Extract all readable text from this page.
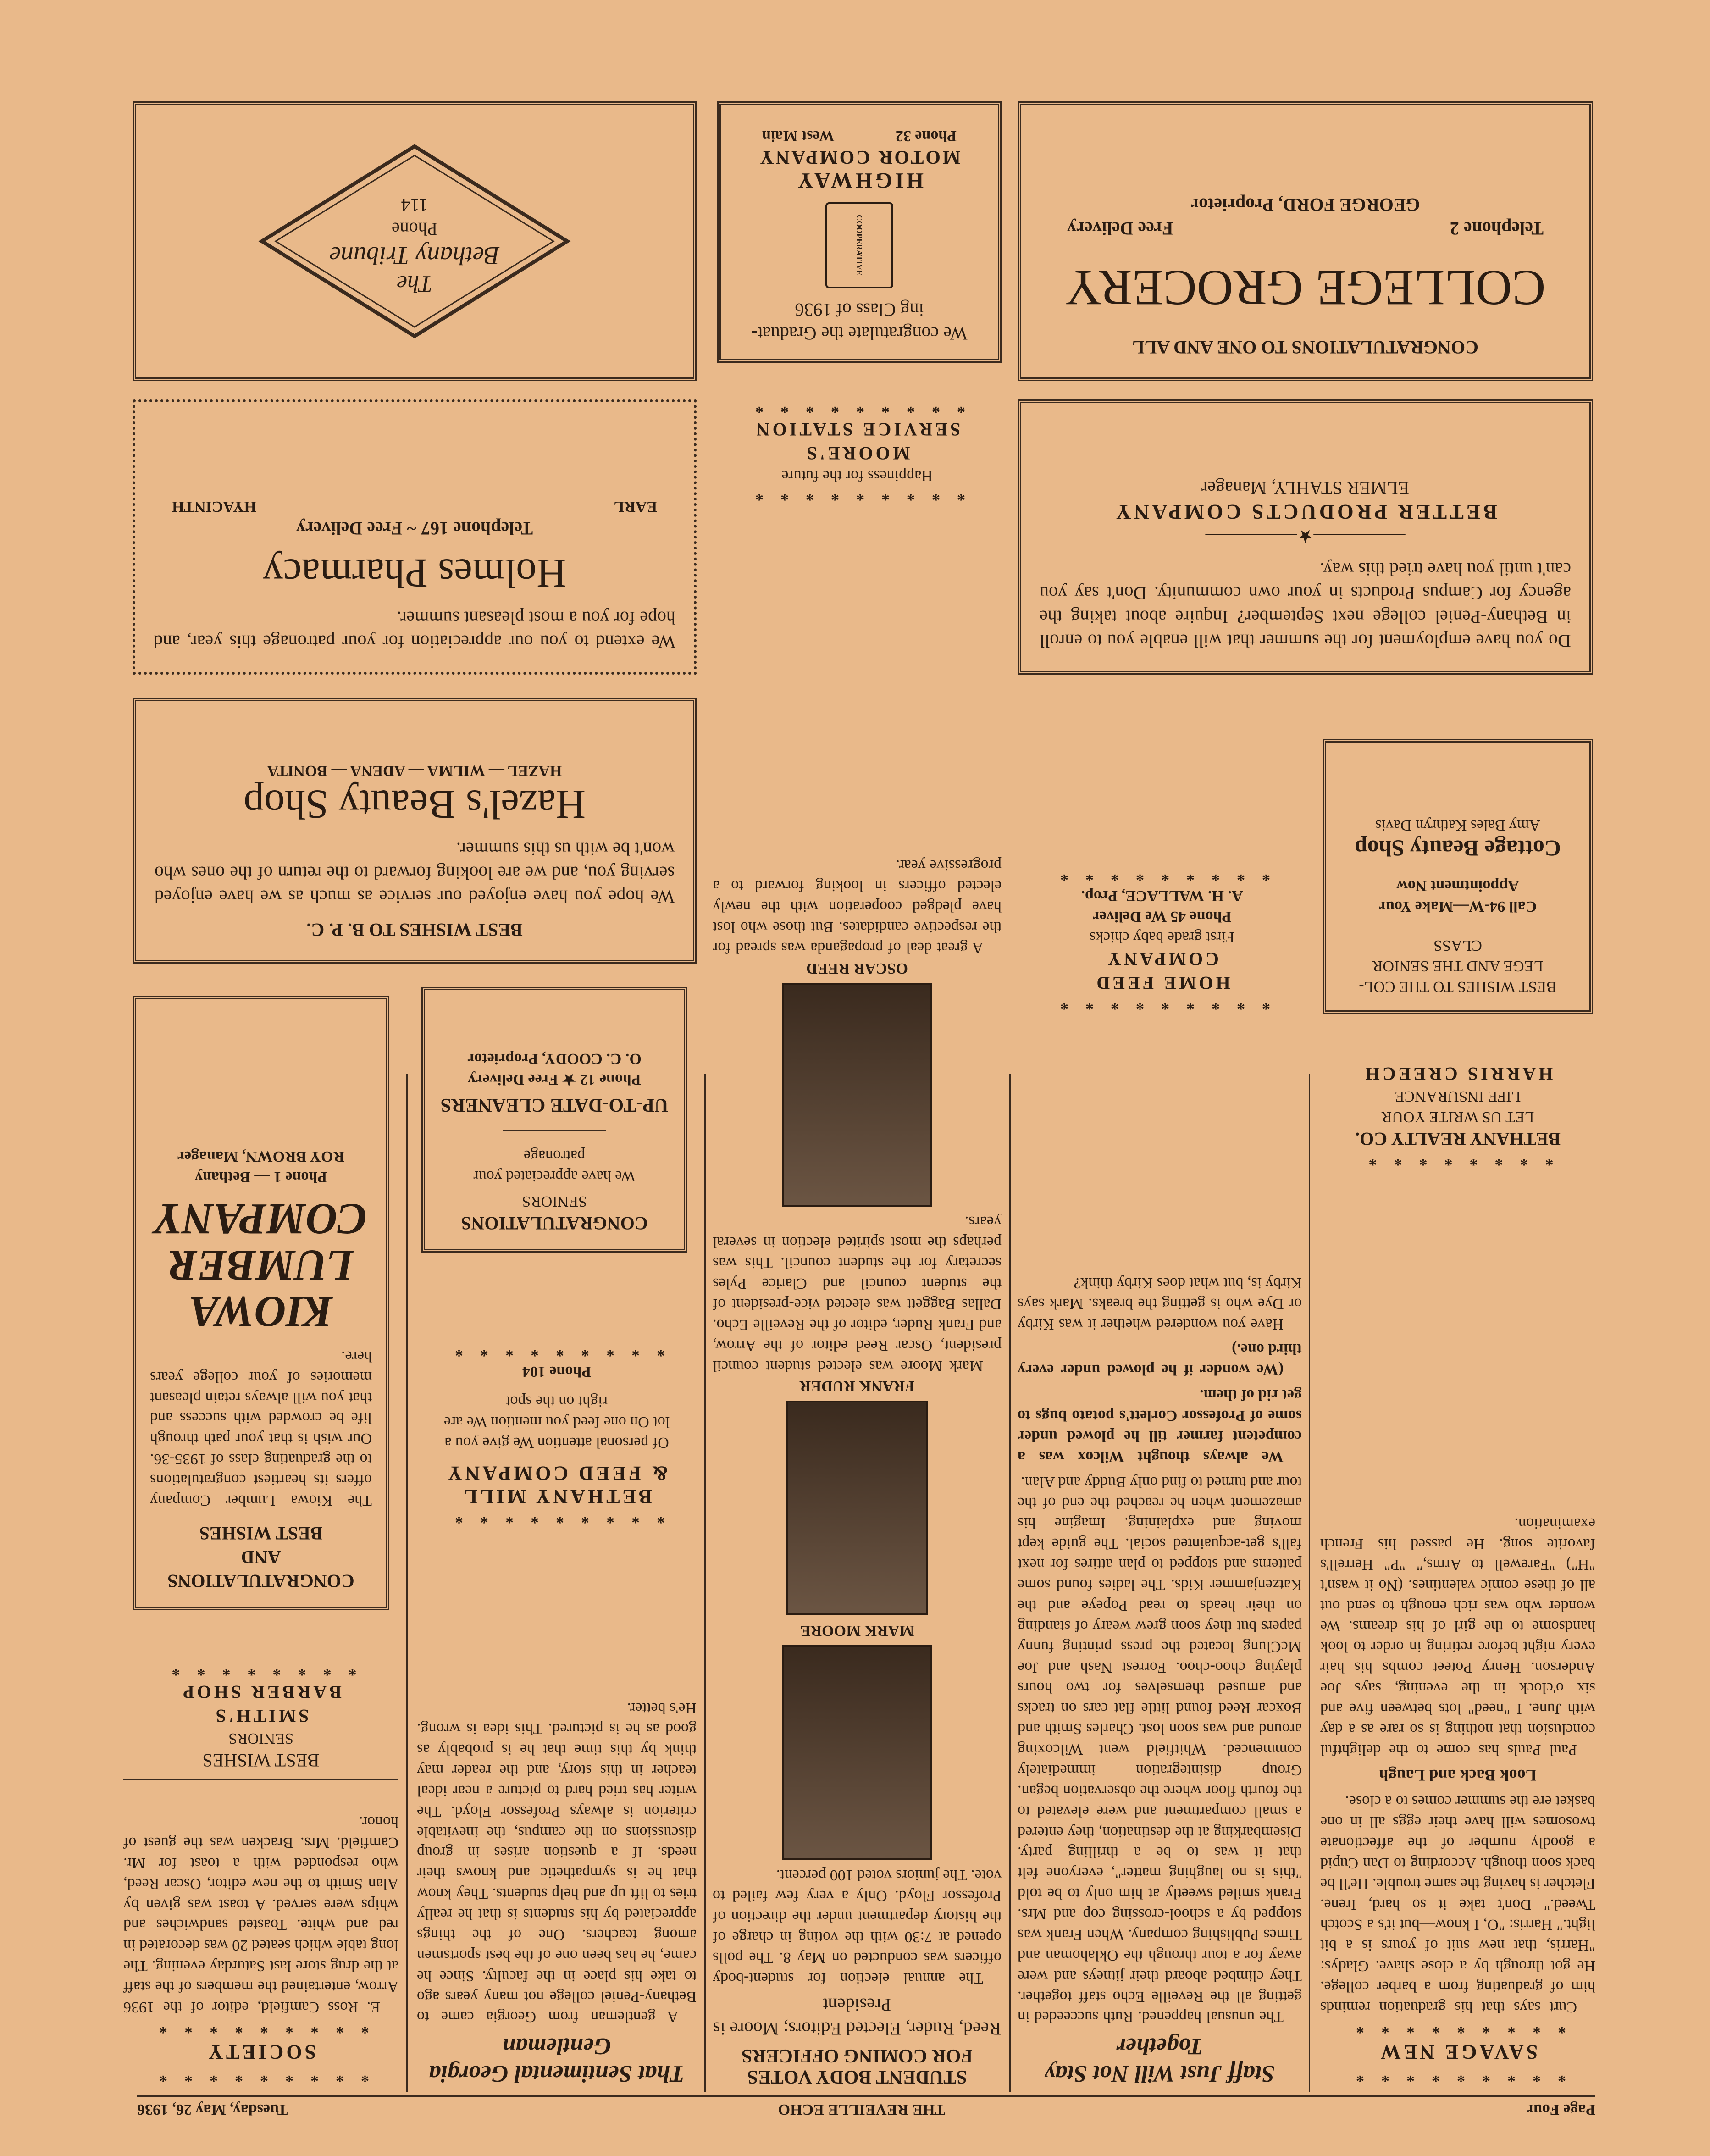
Page Four
THE REVEILLE ECHO
Tuesday, May 26, 1936
* * * * * * * * *
SAVAGE NEW
* * * * * * * * *

Curt says that his graduation reminds him of graduating from a barber college. He got through by a close shave. Gladys: "Harris, that new suit of yours is a bit light." Harris: "O, I know—but it's a Scotch Tweed." Don't take it so hard, Irene. Fletcher is having the same trouble. He'll be back soon though. According to Dan Cupid a goodly number of the affectionate twosomes will have their eggs all in one basket ere the summer comes to a close.

Look Back and Laugh

Paul Pauls has come to the delightful conclusion that nothing is so rare as a day with June. I "need" lots between five and six o'clock in the evening, says Joe Anderson. Henry Poteet combs his hair every night before retiring in order to look handsome to the girl of his dreams. We wonder who was rich enough to send out all of these comic valentines. (No it wasn't "H") "Farewell to Arms," "P" Herrell's favorite song. He passed his French examination.

* * * * * * * *
BETHANY REALTY CO.
LET US WRITE YOUR
LIFE INSURANCE
HARRIS CREECH
Staff Just Will Not Stay Together

The unusual happened. Ruth succeeded in getting all the Reveille Echo staff together. They climbed aboard their jitneys and were away for a tour through the Oklahoman and Times Publishing company. When Frank was stopped by a school-crossing cop and Mrs. Frank smiled sweetly at him only to be told "this is no laughing matter", everyone felt that it was to be a thrilling party. Disembarking at the destination, they entered a small compartment and were elevated to the fourth floor where the observation began. Group disintegration immediately commenced. Whitfield went Wilcoxing around and was soon lost. Charles Smith and Boxcar Reed found little flat cars on tracks and amused themselves for two hours playing choo-choo. Forrest Nash and Joe McClung located the press printing funny papers but they soon grew weary of standing on their heads to read Popeye and the Katzenjammer Kids. The ladies found some patterns and stopped to plan attires for next fall's get-acquainted social. The guide kept moving and explaining. Imagine his amazement when he reached the end of the tour and turned to find only Buddy and Alan.

We always thought Wilcox was a competent farmer till he plowed under some of Professor Corlett's potato bugs to get rid of them.

(We wonder if he plowed under every third one.)

Have you wondered whether it was Kirby or Dye who is getting the breaks. Mark says Kirby is, but what does Kirby think?

STUDENT BODY VOTES
FOR COMING OFFICERS
Reed, Ruder, Elected Editors; Moore is President

The annual election for student-body officers was conducted on May 8. The polls opened at 7:30 with the voting in charge of the history department under the direction of Professor Floyd. Only a very few failed to vote. The juniors voted 100 percent.

MARK MOORE
FRANK RUDER

Mark Moore was elected student council president, Oscar Reed editor of the Arrow, and Frank Ruder, editor of the Reveille Echo. Dallas Baggett was elected vice-president of the student council and Clarice Pyles secretary for the student council. This was perhaps the most spirited election in several years.

OSCAR REED

A great deal of propaganda was spread for the respective candidates. But those who lost have pledged cooperation with the newly elected officers in looking forward to a progressive year.

That Sentimental Georgia Gentleman

A gentleman from Georgia came to Bethany-Peniel college not many years ago to take his place in the faculty. Since he came, he has been one of the best sportsmen among teachers. One of the things appreciated by his students is that he really tries to lift up and help students. They know that he is sympathetic and knows their needs. If a question arises in group discussions on the campus, the inevitable criterion is always Professor Floyd. The writer has tried hard to picture a near ideal teacher in this story, and the reader may think by this time that he is probably as good as he is pictured. This idea is wrong. He's better.

* * * * * * * * *
BETHANY MILL
& FEED COMPANY
Of personal attention We give you a lot On one feed you mention We are right on the spot
Phone 104
* * * * * * * * *
CONGRATULATIONS
SENIORS
We have appreciated your
patronage
UP-TO-DATE CLEANERS
Phone 12 ★ Free Delivery
O. C. COODY, Proprietor
* * * * * * * * *
SOCIETY
* * * * * * * * *

E. Ross Camfield, editor of the 1936 Arrow, entertained the members of the staff at the drug store last Saturday evening. The long table which seated 20 was decorated in red and white. Toasted sandwiches and whips were served. A toast was given by Alan Smith to the new editor, Oscar Reed, who responded with a toast for Mr. Camfield. Mrs. Bracken was the guest of honor.

BEST WISHES
SENIORS
SMITH'S
BARBER SHOP
* * * * * * * *
CONGRATULATIONS
AND
BEST WISHES
The Kiowa Lumber Company offers its heartiest congratulations to the graduating class of 1935-36. Our wish is that your path through life be crowded with success and that you will always retain pleasant memories of your college years here.
KIOWA
LUMBER
COMPANY
Phone 1 — Bethany
ROY BROWN, Manager
BEST WISHES TO THE COL-
LEGE AND THE SENIOR
CLASS
Call 94-W—Make Your
Appointment Now
Cottage Beauty Shop
Amy Bales Kathryn Davis
* * * * * * * * *
HOME FEED
COMPANY
First grade baby chicks
Phone 45 We Deliver
A. H. WALLACE, Prop.
* * * * * * * * *
Do you have employment for the summer that will enable you to enroll in Bethany-Peniel college next September? Inquire about taking the agency for Campus Products in your own community. Don't say you can't until you have tried this way.
—————★—————
BETTER PRODUCTS COMPANY
ELMER STAHLY, Manager
CONGRATULATIONS TO ONE AND ALL
COLLEGE GROCERY
Telephone 2
Free Delivery
GEORGE FORD, Proprietor
* * * * * * * * *
Happiness for the future
MOORE'S
SERVICE STATION
* * * * * * * * *
We congratulate the Graduat-
ing Class of 1936
COOPERATIVE
HIGHWAY
MOTOR COMPANY
Phone 32
West Main
BEST WISHES TO B. P. C.
We hope you have enjoyed our service as much as we have enjoyed serving you, and we are looking forward to the return of the ones who won't be with us this summer.
Hazel's Beauty Shop
HAZEL — WILMA — ADENA — BONITA
We extend to you our appreciation for your patronage this year, and hope for you a most pleasant summer.
Holmes Pharmacy
Telephone 167 ~ Free Delivery
EARL
HYACINTH
The
Bethany Tribune
Phone
114
